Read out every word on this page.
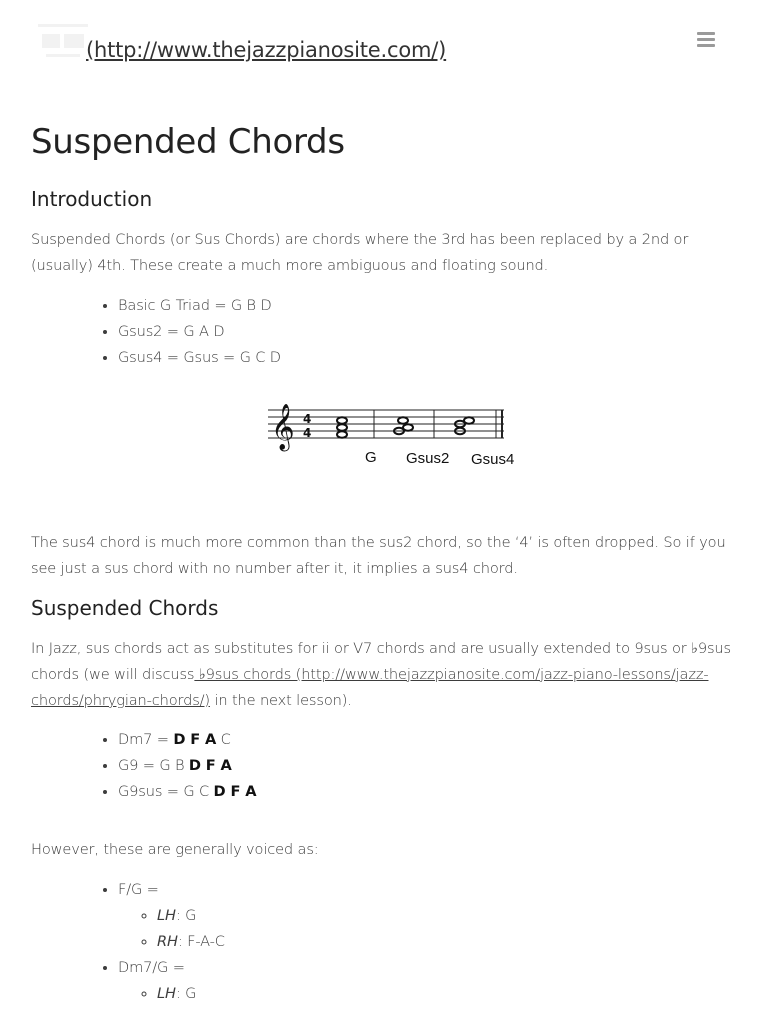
(http://www.thejazzpianosite.com/)
Suspended Chords
Introduction

Suspended Chords (or Sus Chords) are chords where the 3rd has been replaced by a 2nd or (usually) 4th. These create a much more ambiguous and floating sound.

• Basic G Triad = G B D
• Gsus2 = G A D
• Gsus4 = Gsus = G C D
𝄞 4
4
G Gsus2 Gsus4

The sus4 chord is much more common than the sus2 chord, so the ‘4’ is often dropped. So if you see just a sus chord with no number after it, it implies a sus4 chord.

Suspended Chords

In Jazz, sus chords act as substitutes for ii or V7 chords and are usually extended to 9sus or ♭9sus chords (we will discuss ♭9sus chords (http://www.thejazzpianosite.com/jazz-piano-lessons/jazz-chords/phrygian-chords/) in the next lesson).

• Dm7 = D F A C
• G9 = G B D F A
• G9sus = G C D F A

However, these are generally voiced as:

• F/G =
◦ LH: G
◦ RH: F-A-C
• Dm7/G =
◦ LH: G
